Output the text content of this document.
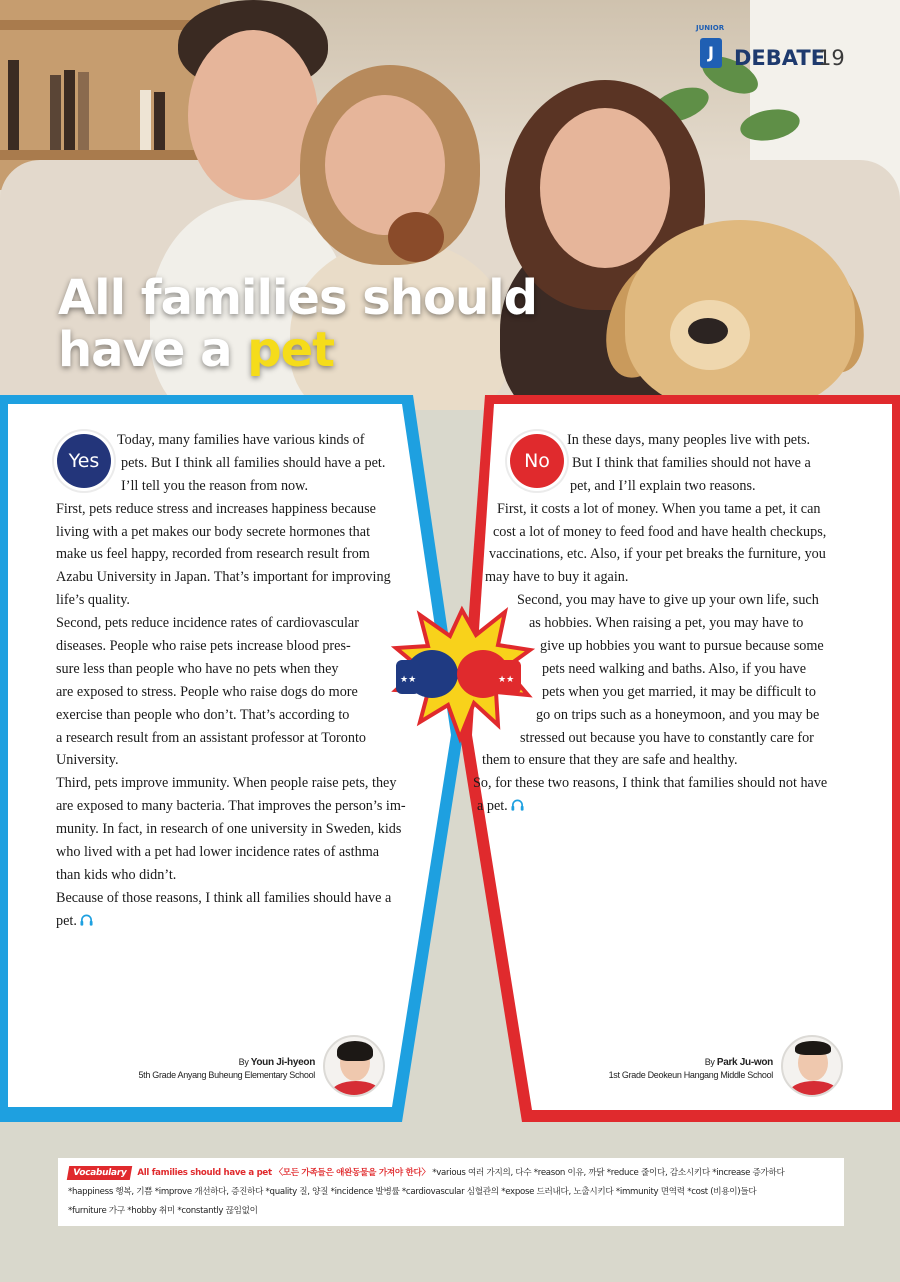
All families should
have a pet
JUNIOR
J DEBATE
19
★★	★★
Yes	No
Today, many families have various kinds of
pets. But I think all families should have a pet.
I’ll tell you the reason from now.
First, pets reduce stress and increases happiness because
living with a pet makes our body secrete hormones that
make us feel happy, recorded from research result from
Azabu University in Japan. That’s important for improving
life’s quality.
Second, pets reduce incidence rates of cardiovascular
diseases. People who raise pets increase blood pres-
sure less than people who have no pets when they
are exposed to stress. People who raise dogs do more
exercise than people who don’t. That’s according to
a research result from an assistant professor at Toronto
University.
Third, pets improve immunity. When people raise pets, they
are exposed to many bacteria. That improves the person’s im-
munity. In fact, in research of one university in Sweden, kids
who lived with a pet had lower incidence rates of asthma
than kids who didn’t.
Because of those reasons, I think all families should have a
pet.
In these days, many peoples live with pets.
But I think that families should not have a
pet, and I’ll explain two reasons.
First, it costs a lot of money. When you tame a pet, it can
cost a lot of money to feed food and have health checkups,
vaccinations, etc. Also, if your pet breaks the furniture, you
may have to buy it again.
Second, you may have to give up your own life, such
as hobbies. When raising a pet, you may have to
give up hobbies you want to pursue because some
pets need walking and baths. Also, if you have
pets when you get married, it may be difficult to
go on trips such as a honeymoon, and you may be
stressed out because you have to constantly care for
them to ensure that they are safe and healthy.
So, for these two reasons, I think that families should not have
a pet.
By Youn Ji-hyeon
5th Grade Anyang Buheung Elementary School
By Park Ju-won
1st Grade Deokeun Hangang Middle School
Vocabulary All families should have a pet 〈모든 가족들은 애완동물을 가져야 한다〉 *various 여러 가지의, 다수 *reason 이유, 까닭 *reduce 줄이다, 감소시키다 *increase 증가하다
*happiness 행복, 기쁨 *improve 개선하다, 증진하다 *quality 질, 양질 *incidence 발병률 *cardiovascular 심혈관의 *expose 드러내다, 노출시키다 *immunity 면역력 *cost (비용이)들다
*furniture 가구 *hobby 취미 *constantly 끊임없이
